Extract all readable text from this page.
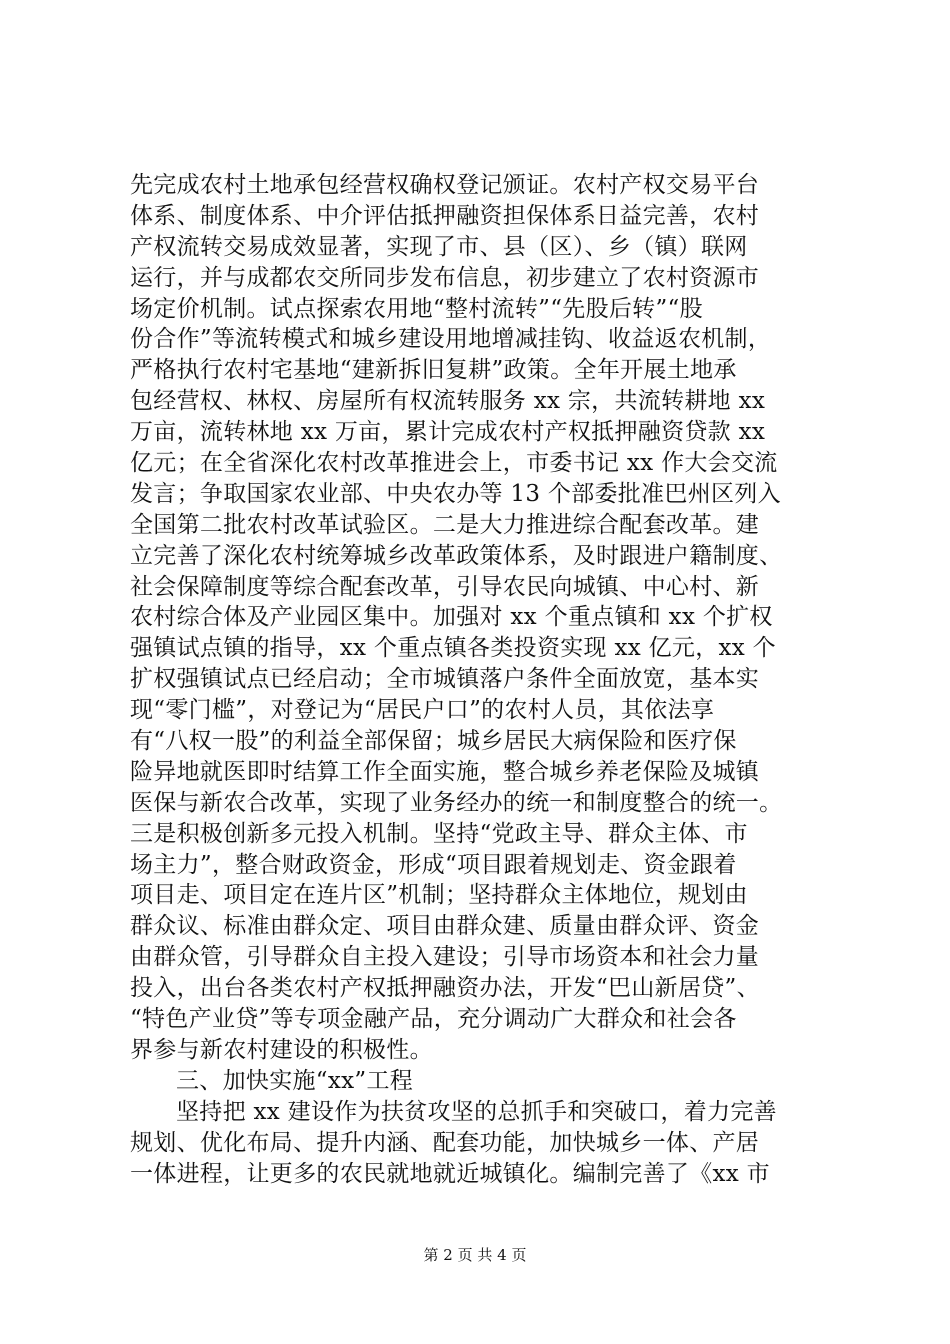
先完成农村土地承包经营权确权登记颁证。农村产权交易平台
体系、制度体系、中介评估抵押融资担保体系日益完善，农村
产权流转交易成效显著，实现了市、县（区）、乡（镇）联网
运行，并与成都农交所同步发布信息，初步建立了农村资源市
场定价机制。试点探索农用地“整村流转”“先股后转”“股
份合作”等流转模式和城乡建设用地增减挂钩、收益返农机制，
严格执行农村宅基地“建新拆旧复耕”政策。全年开展土地承
包经营权、林权、房屋所有权流转服务 xx 宗，共流转耕地 xx
万亩，流转林地 xx 万亩，累计完成农村产权抵押融资贷款 xx
亿元；在全省深化农村改革推进会上，市委书记 xx 作大会交流
发言；争取国家农业部、中央农办等 13 个部委批准巴州区列入
全国第二批农村改革试验区。二是大力推进综合配套改革。建
立完善了深化农村统筹城乡改革政策体系，及时跟进户籍制度、
社会保障制度等综合配套改革，引导农民向城镇、中心村、新
农村综合体及产业园区集中。加强对 xx 个重点镇和 xx 个扩权
强镇试点镇的指导，xx 个重点镇各类投资实现 xx 亿元，xx 个
扩权强镇试点已经启动；全市城镇落户条件全面放宽，基本实
现“零门槛”，对登记为“居民户口”的农村人员，其依法享
有“八权一股”的利益全部保留；城乡居民大病保险和医疗保
险异地就医即时结算工作全面实施，整合城乡养老保险及城镇
医保与新农合改革，实现了业务经办的统一和制度整合的统一。
三是积极创新多元投入机制。坚持“党政主导、群众主体、市
场主力”，整合财政资金，形成“项目跟着规划走、资金跟着
项目走、项目定在连片区”机制；坚持群众主体地位，规划由
群众议、标准由群众定、项目由群众建、质量由群众评、资金
由群众管，引导群众自主投入建设；引导市场资本和社会力量
投入，出台各类农村产权抵押融资办法，开发“巴山新居贷”、
“特色产业贷”等专项金融产品，充分调动广大群众和社会各
界参与新农村建设的积极性。
三、加快实施“xx”工程
坚持把 xx 建设作为扶贫攻坚的总抓手和突破口，着力完善
规划、优化布局、提升内涵、配套功能，加快城乡一体、产居
一体进程，让更多的农民就地就近城镇化。编制完善了《xx 市
第 2 页 共 4 页
